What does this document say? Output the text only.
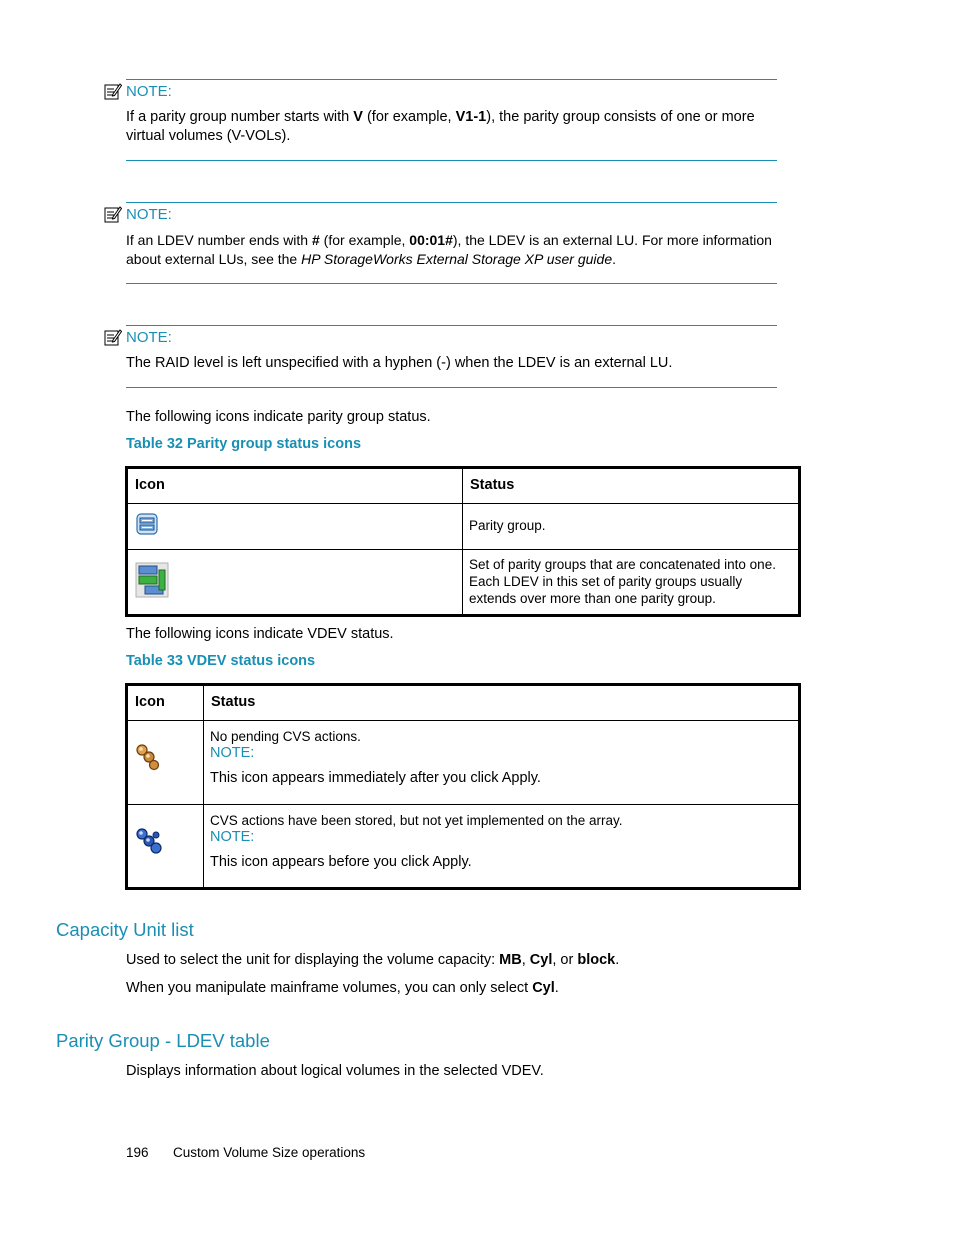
NOTE:
If a parity group number starts with V (for example, V1-1), the parity group consists of one or more virtual volumes (V-VOLs).
NOTE:
If an LDEV number ends with # (for example, 00:01#), the LDEV is an external LU. For more information about external LUs, see the HP StorageWorks External Storage XP user guide.
NOTE:
The RAID level is left unspecified with a hyphen (-) when the LDEV is an external LU.
The following icons indicate parity group status.
Table 32 Parity group status icons
Icon	Status

Parity group.

Set of parity groups that are concatenated into one. Each LDEV in this set of parity groups usually extends over more than one parity group.
The following icons indicate VDEV status.
Table 33 VDEV status icons
Icon	Status

No pending CVS actions.
NOTE:
This icon appears immediately after you click Apply.

CVS actions have been stored, but not yet implemented on the array.
NOTE:
This icon appears before you click Apply.
Capacity Unit list
Used to select the unit for displaying the volume capacity: MB, Cyl, or block.
When you manipulate mainframe volumes, you can only select Cyl.
Parity Group - LDEV table
Displays information about logical volumes in the selected VDEV.
196 Custom Volume Size operations
